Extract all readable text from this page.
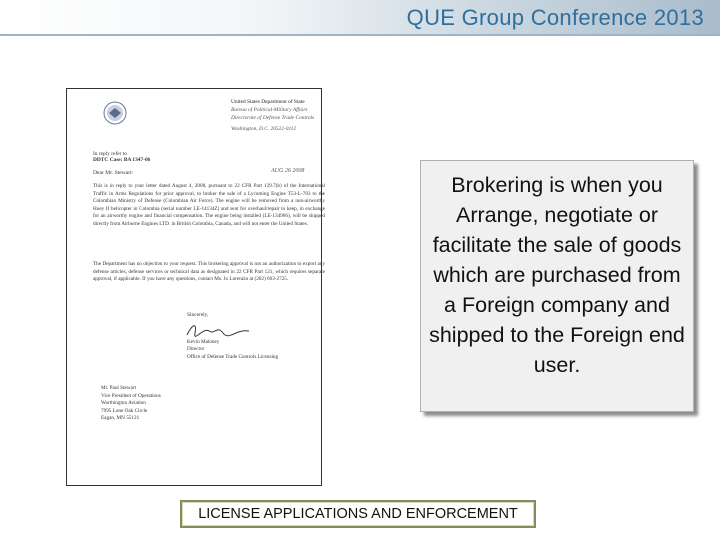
QUE Group Conference 2013
United States Department of State
Bureau of Political-Military Affairs
Directorate of Defense Trade Controls
Washington, D.C. 20522-0112
In reply refer to
DDTC Case: BA 1347-06
AUG 26 2008
Dear Mr. Stewart:
This is in reply to your letter dated August 4, 2008, pursuant to 22 CFR Part 129.7(b) of the International Traffic in Arms Regulations for prior approval, to broker the sale of a Lycoming Engine T53-L-703 to the Colombian Ministry of Defense (Colombian Air Force). The engine will be removed from a non-airworthy Huey II helicopter in Colombia (serial number LE-14134Z) and sent for overhaul/repair to keep, in exchange for an airworthy engine and financial compensation. The engine being installed (LE-134966), will be shipped directly from Airborne Engines LTD. in British Colombia, Canada, and will not enter the United States.
The Department has no objection to your request. This brokering approval is not an authorization to export any defense articles, defense services or technical data as designated in 22 CFR Part 121, which requires separate approval, if applicable. If you have any questions, contact Ms. Jo Lorenzin at (202) 663-2725.
Sincerely,
Kevin Maloney
Director
Office of Defense Trade Controls Licensing
Mr. Paul Stewart
Vice President of Operations
Worthington Aviation
7995 Lone Oak Circle
Eagan, MN 55121
Brokering is when you Arrange, negotiate or facilitate the sale of goods which are purchased from a Foreign company and shipped to the Foreign end user.
LICENSE APPLICATIONS AND ENFORCEMENT
